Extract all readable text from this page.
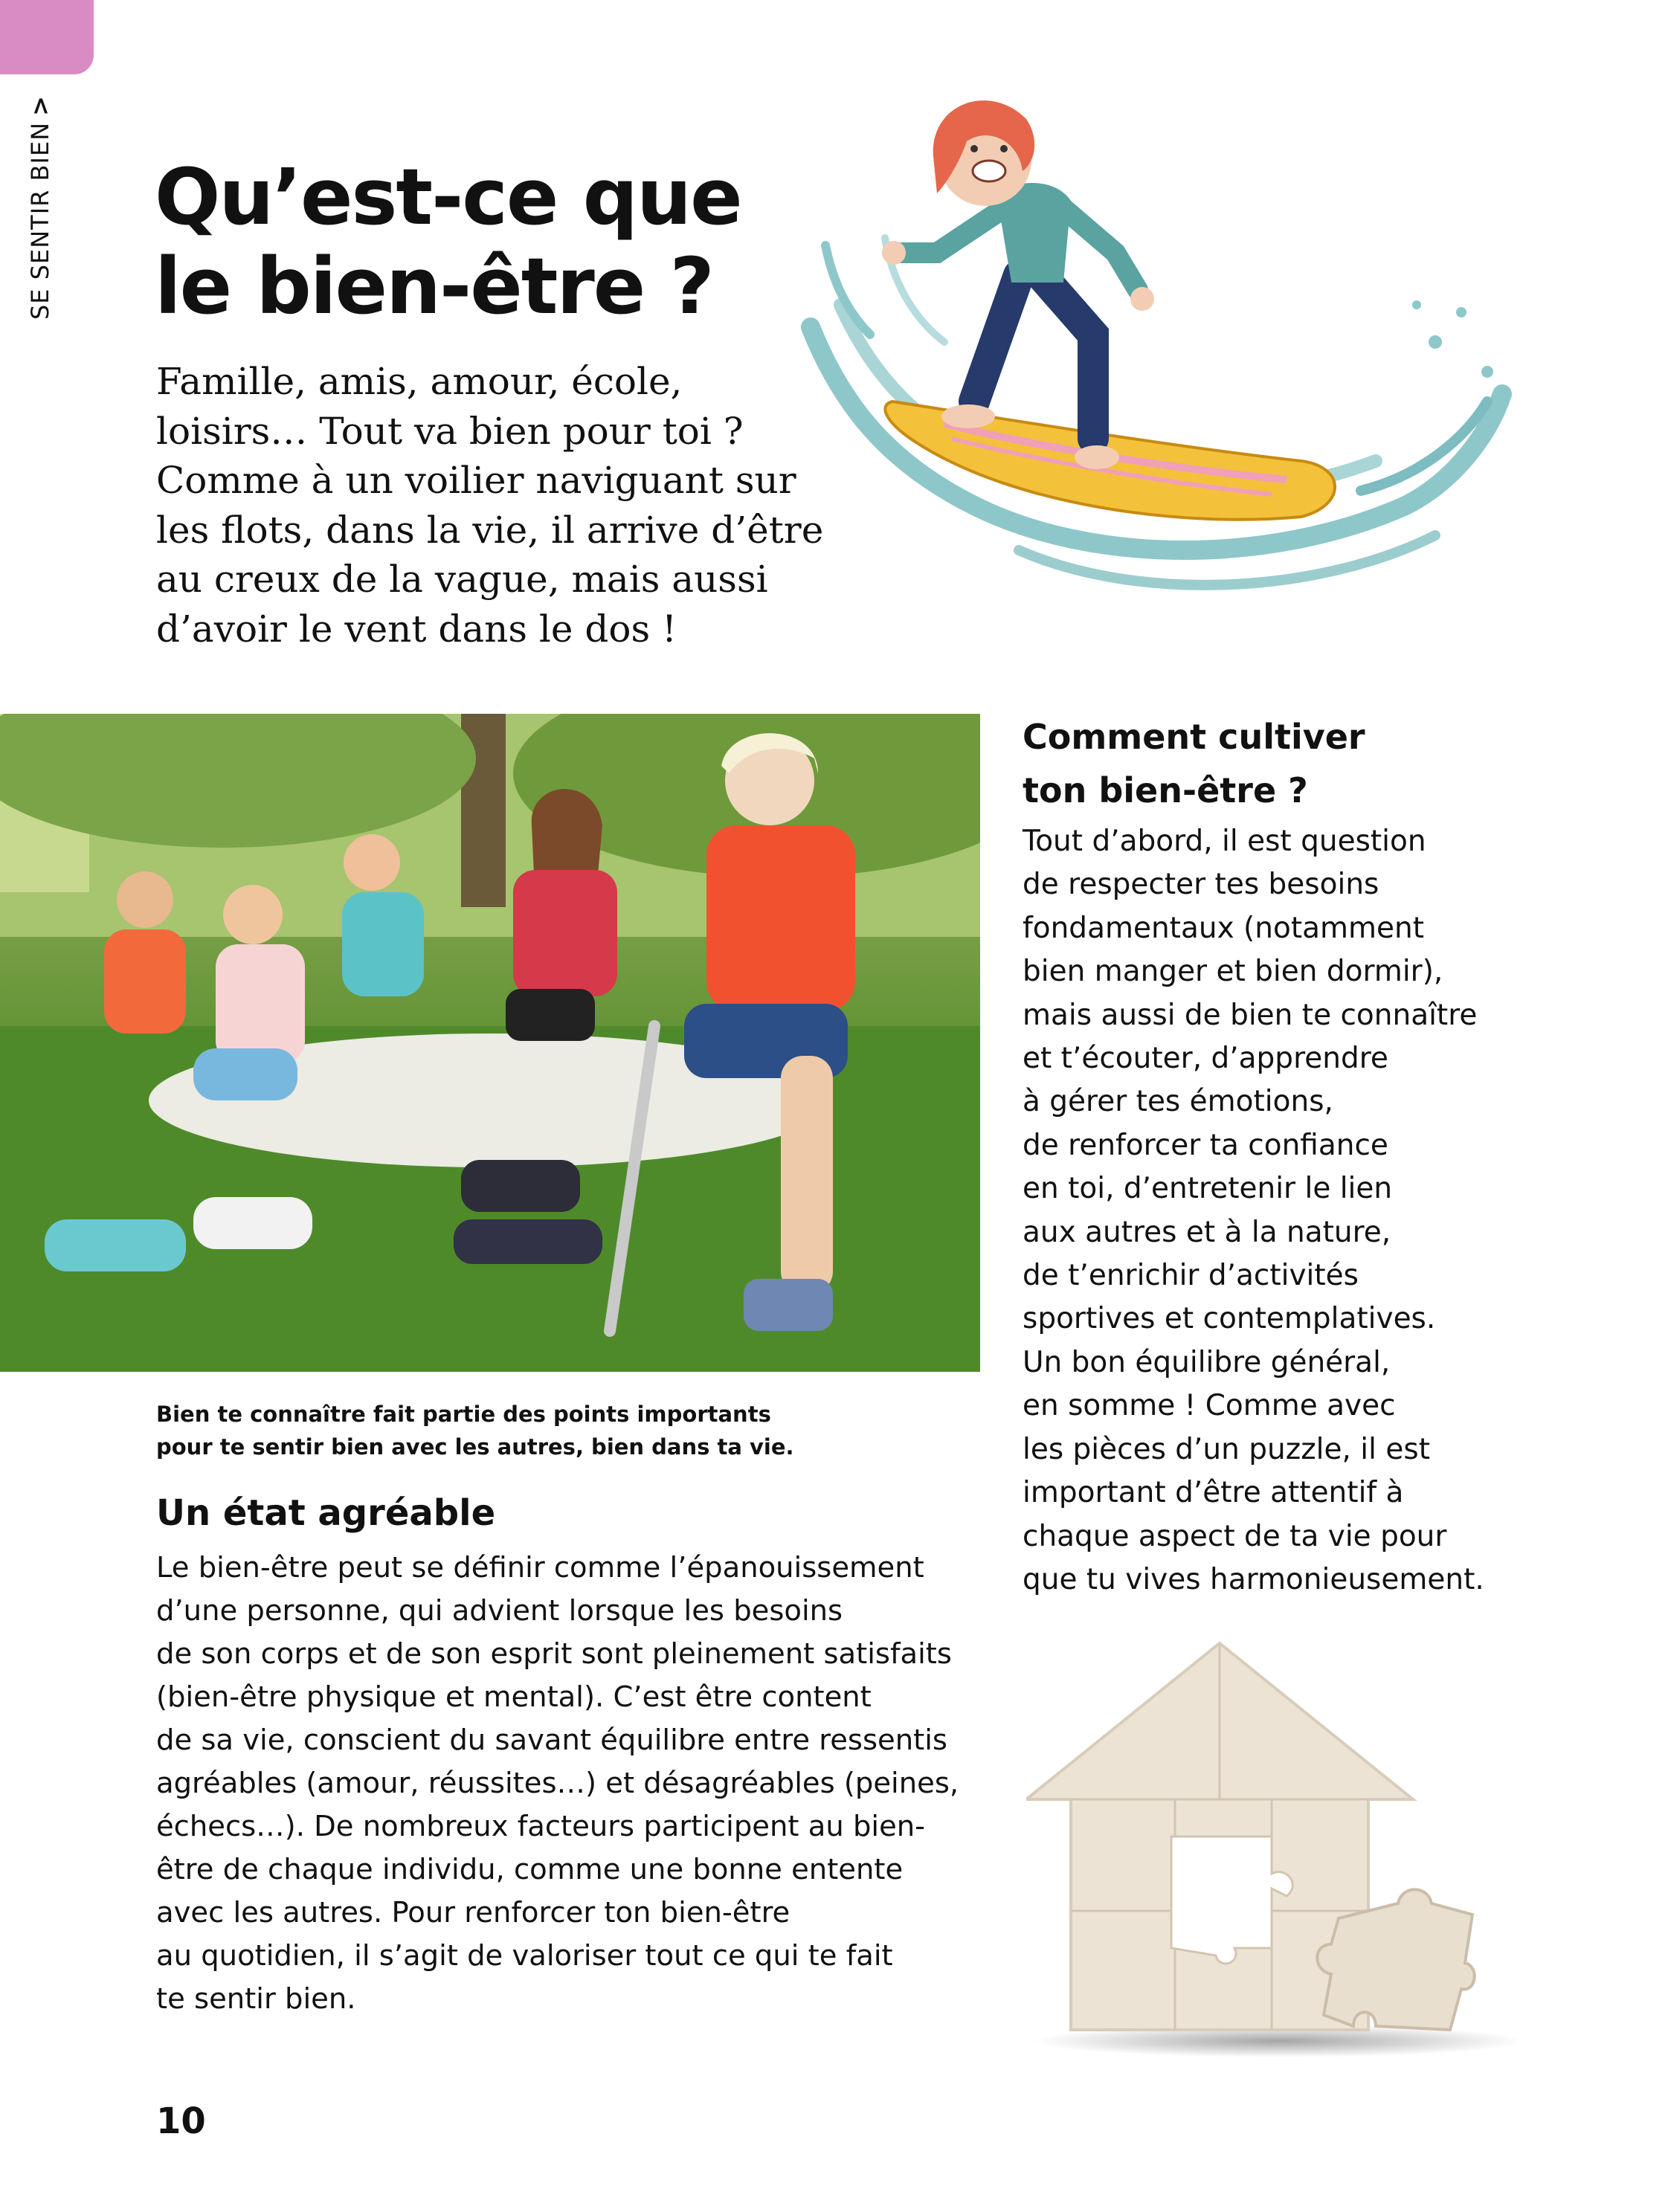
SE SENTIR BIEN>
Qu’est-ce que
le bien-être ?
Famille, amis, amour, école,
loisirs… Tout va bien pour toi ?
Comme à un voilier naviguant sur
les flots, dans la vie, il arrive d’être
au creux de la vague, mais aussi
d’avoir le vent dans le dos !
Bien te connaître fait partie des points importants
pour te sentir bien avec les autres, bien dans ta vie.
Un état agréable
Le bien-être peut se définir comme l’épanouissement
d’une personne, qui advient lorsque les besoins
de son corps et de son esprit sont pleinement satisfaits
(bien-être physique et mental). C’est être content
de sa vie, conscient du savant équilibre entre ressentis
agréables (amour, réussites…) et désagréables (peines,
échecs…). De nombreux facteurs participent au bien-
être de chaque individu, comme une bonne entente
avec les autres. Pour renforcer ton bien-être
au quotidien, il s’agit de valoriser tout ce qui te fait
te sentir bien.
Comment cultiver
ton bien-être ?
Tout d’abord, il est question
de respecter tes besoins
fondamentaux (notamment
bien manger et bien dormir),
mais aussi de bien te connaître
et t’écouter, d’apprendre
à gérer tes émotions,
de renforcer ta confiance
en toi, d’entretenir le lien
aux autres et à la nature,
de t’enrichir d’activités
sportives et contemplatives.
Un bon équilibre général,
en somme ! Comme avec
les pièces d’un puzzle, il est
important d’être attentif à
chaque aspect de ta vie pour
que tu vives harmonieusement.
10
